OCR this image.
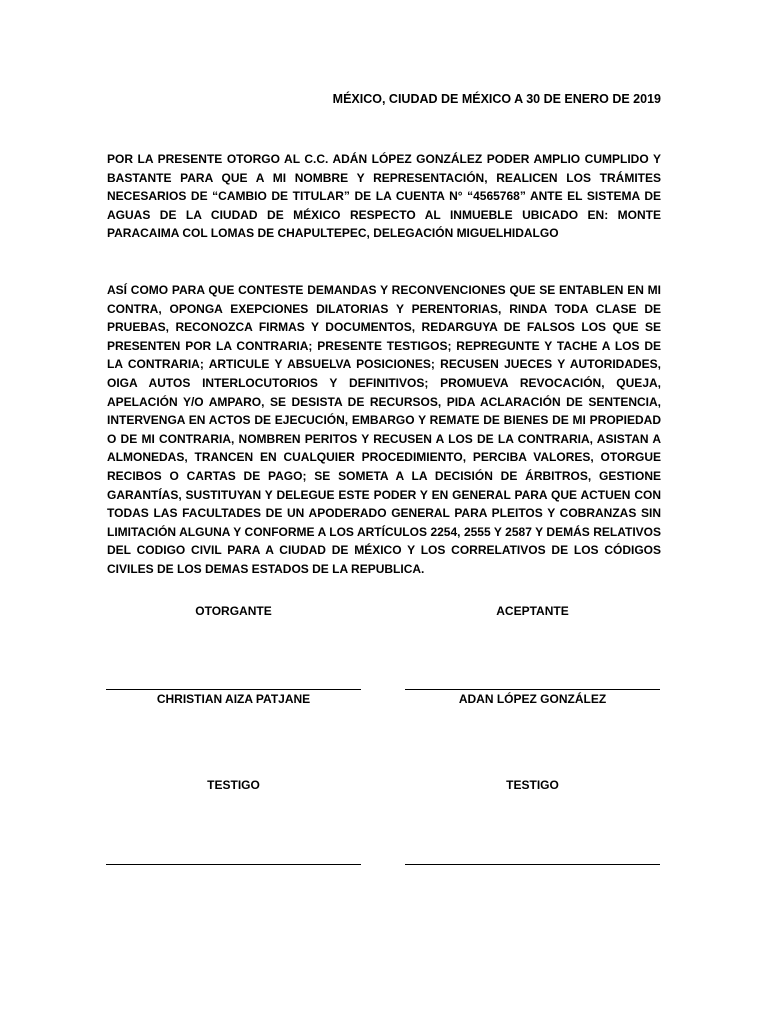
MÉXICO, CIUDAD DE MÉXICO A 30 DE ENERO DE 2019

POR LA PRESENTE OTORGO AL C.C. ADÁN LÓPEZ GONZÁLEZ PODER AMPLIO CUMPLIDO Y BASTANTE PARA QUE A MI NOMBRE Y REPRESENTACIÓN, REALICEN LOS TRÁMITES NECESARIOS DE “CAMBIO DE TITULAR” DE LA CUENTA N° “4565768” ANTE EL SISTEMA DE AGUAS DE LA CIUDAD DE MÉXICO RESPECTO AL INMUEBLE UBICADO EN: MONTE PARACAIMA COL LOMAS DE CHAPULTEPEC, DELEGACIÓN MIGUELHIDALGO

ASÍ COMO PARA QUE CONTESTE DEMANDAS Y RECONVENCIONES QUE SE ENTABLEN EN MI CONTRA, OPONGA EXEPCIONES DILATORIAS Y PERENTORIAS, RINDA TODA CLASE DE PRUEBAS, RECONOZCA FIRMAS Y DOCUMENTOS, REDARGUYA DE FALSOS LOS QUE SE PRESENTEN POR LA CONTRARIA; PRESENTE TESTIGOS; REPREGUNTE Y TACHE A LOS DE LA CONTRARIA; ARTICULE Y ABSUELVA POSICIONES; RECUSEN JUECES Y AUTORIDADES, OIGA AUTOS INTERLOCUTORIOS Y DEFINITIVOS; PROMUEVA REVOCACIÓN, QUEJA, APELACIÓN Y/O AMPARO, SE DESISTA DE RECURSOS, PIDA ACLARACIÓN DE SENTENCIA, INTERVENGA EN ACTOS DE EJECUCIÓN, EMBARGO Y REMATE DE BIENES DE MI PROPIEDAD O DE MI CONTRARIA, NOMBREN PERITOS Y RECUSEN A LOS DE LA CONTRARIA, ASISTAN A ALMONEDAS, TRANCEN EN CUALQUIER PROCEDIMIENTO, PERCIBA VALORES, OTORGUE RECIBOS O CARTAS DE PAGO; SE SOMETA A LA DECISIÓN DE ÁRBITROS, GESTIONE GARANTÍAS, SUSTITUYAN Y DELEGUE ESTE PODER Y EN GENERAL PARA QUE ACTUEN CON TODAS LAS FACULTADES DE UN APODERADO GENERAL PARA PLEITOS Y COBRANZAS SIN LIMITACIÓN ALGUNA Y CONFORME A LOS ARTÍCULOS 2254, 2555 Y 2587 Y DEMÁS RELATIVOS DEL CODIGO CIVIL PARA A CIUDAD DE MÉXICO Y LOS CORRELATIVOS DE LOS CÓDIGOS CIVILES DE LOS DEMAS ESTADOS DE LA REPUBLICA.

OTORGANTE
CHRISTIAN AIZA PATJANE
ACEPTANTE
ADAN LÓPEZ GONZÁLEZ
TESTIGO	TESTIGO
